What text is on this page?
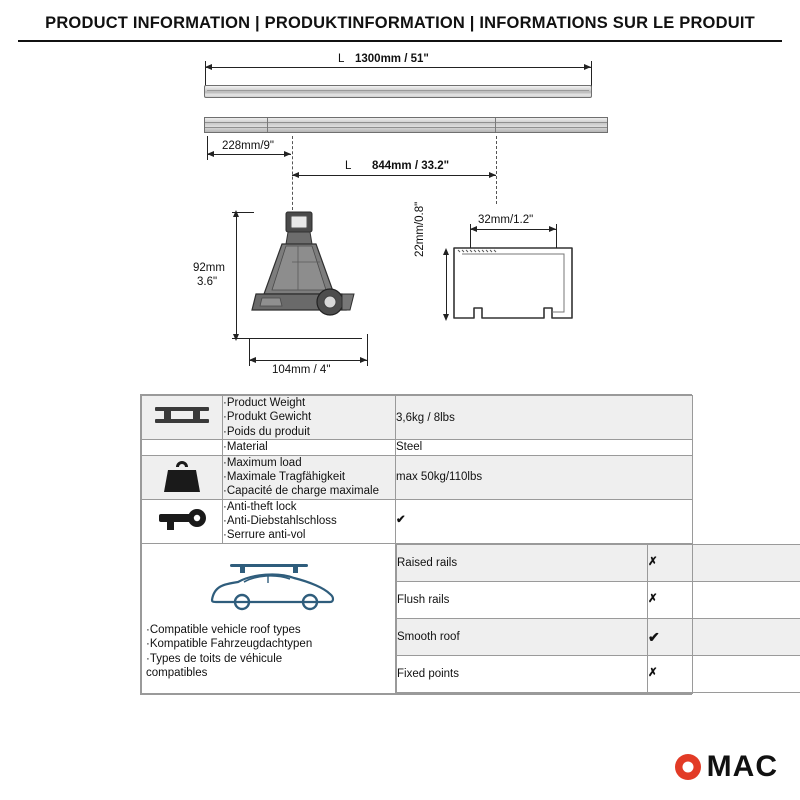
PRODUCT INFORMATION | PRODUKTINFORMATION | INFORMATIONS SUR LE PRODUIT
L 1300mm / 51"
228mm/9"
L 844mm / 33.2"
92mm
3.6"
104mm / 4"
32mm/1.2"
22mm/0.8"

·Product Weight
·Produkt Gewicht
·Poids du produit
	3,6kg / 8lbs

·Material	Steel

·Maximum load
·Maximale Tragfähigkeit
·Capacité de charge maximale
	max 50kg/110lbs

·Anti-theft lock
·Anti-Diebstahlschloss
·Serrure anti-vol
	✔

·Compatible vehicle roof types
·Kompatible Fahrzeugdachtypen
·Types de toits de véhicule
compatibles

Raised rails	✗
Flush rails	✗
Smooth roof	✔
Fixed points	✗
MAC
